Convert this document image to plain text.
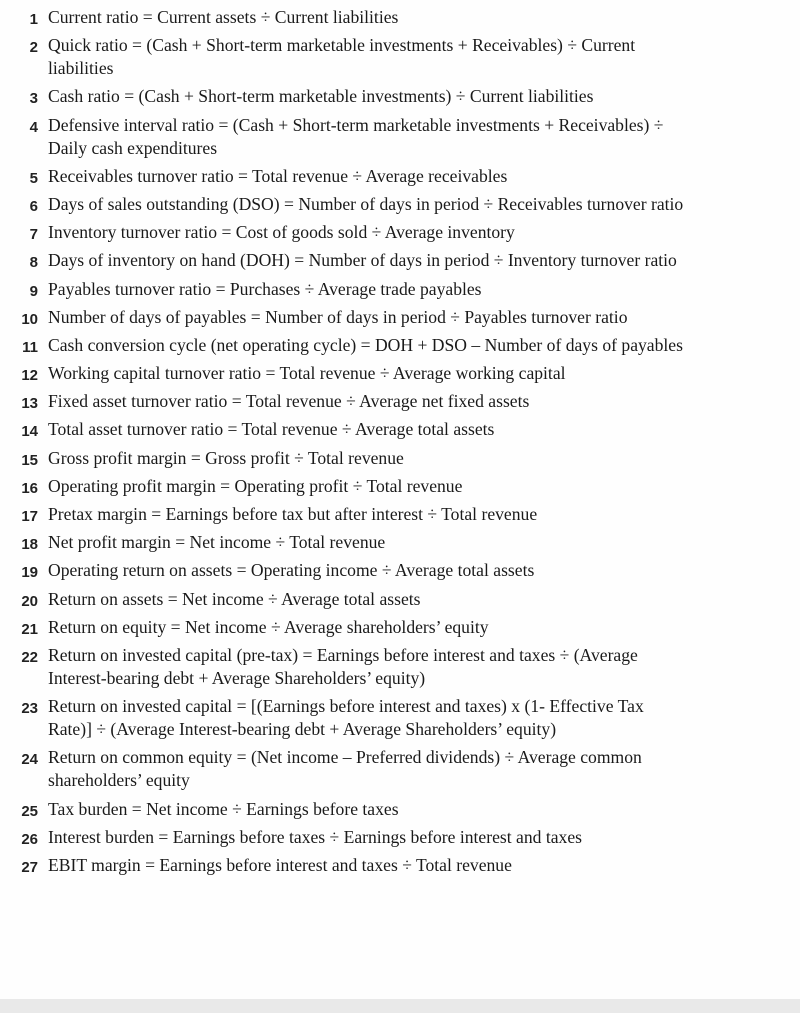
1 Current ratio = Current assets ÷ Current liabilities
2 Quick ratio = (Cash + Short-term marketable investments + Receivables) ÷ Current liabilities
3 Cash ratio = (Cash + Short-term marketable investments) ÷ Current liabilities
4 Defensive interval ratio = (Cash + Short-term marketable investments + Receivables) ÷ Daily cash expenditures
5 Receivables turnover ratio = Total revenue ÷ Average receivables
6 Days of sales outstanding (DSO) = Number of days in period ÷ Receivables turnover ratio
7 Inventory turnover ratio = Cost of goods sold ÷ Average inventory
8 Days of inventory on hand (DOH) = Number of days in period ÷ Inventory turnover ratio
9 Payables turnover ratio = Purchases ÷ Average trade payables
10 Number of days of payables = Number of days in period ÷ Payables turnover ratio
11 Cash conversion cycle (net operating cycle) = DOH + DSO – Number of days of payables
12 Working capital turnover ratio = Total revenue ÷ Average working capital
13 Fixed asset turnover ratio = Total revenue ÷ Average net fixed assets
14 Total asset turnover ratio = Total revenue ÷ Average total assets
15 Gross profit margin = Gross profit ÷ Total revenue
16 Operating profit margin = Operating profit ÷ Total revenue
17 Pretax margin = Earnings before tax but after interest ÷ Total revenue
18 Net profit margin = Net income ÷ Total revenue
19 Operating return on assets = Operating income ÷ Average total assets
20 Return on assets = Net income ÷ Average total assets
21 Return on equity = Net income ÷ Average shareholders’ equity
22 Return on invested capital (pre-tax) = Earnings before interest and taxes ÷ (Average Interest-bearing debt + Average Shareholders’ equity)
23 Return on invested capital = [(Earnings before interest and taxes) x (1- Effective Tax Rate)] ÷ (Average Interest-bearing debt + Average Shareholders’ equity)
24 Return on common equity = (Net income – Preferred dividends) ÷ Average common shareholders’ equity
25 Tax burden = Net income ÷ Earnings before taxes
26 Interest burden = Earnings before taxes ÷ Earnings before interest and taxes
27 EBIT margin = Earnings before interest and taxes ÷ Total revenue
